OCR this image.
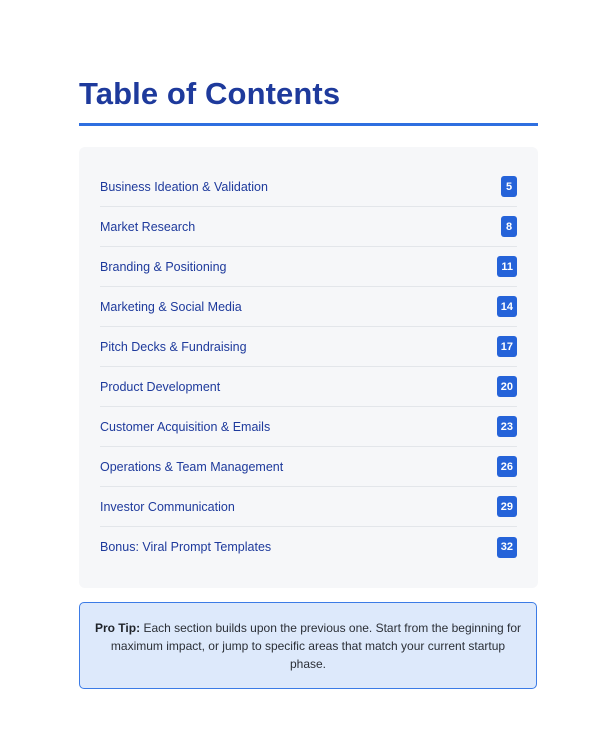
Table of Contents
Business Ideation & Validation	5
Market Research	8
Branding & Positioning	11
Marketing & Social Media	14
Pitch Decks & Fundraising	17
Product Development	20
Customer Acquisition & Emails	23
Operations & Team Management	26
Investor Communication	29
Bonus: Viral Prompt Templates	32

Pro Tip: Each section builds upon the previous one. Start from the beginning for maximum impact, or jump to specific areas that match your current startup phase.
